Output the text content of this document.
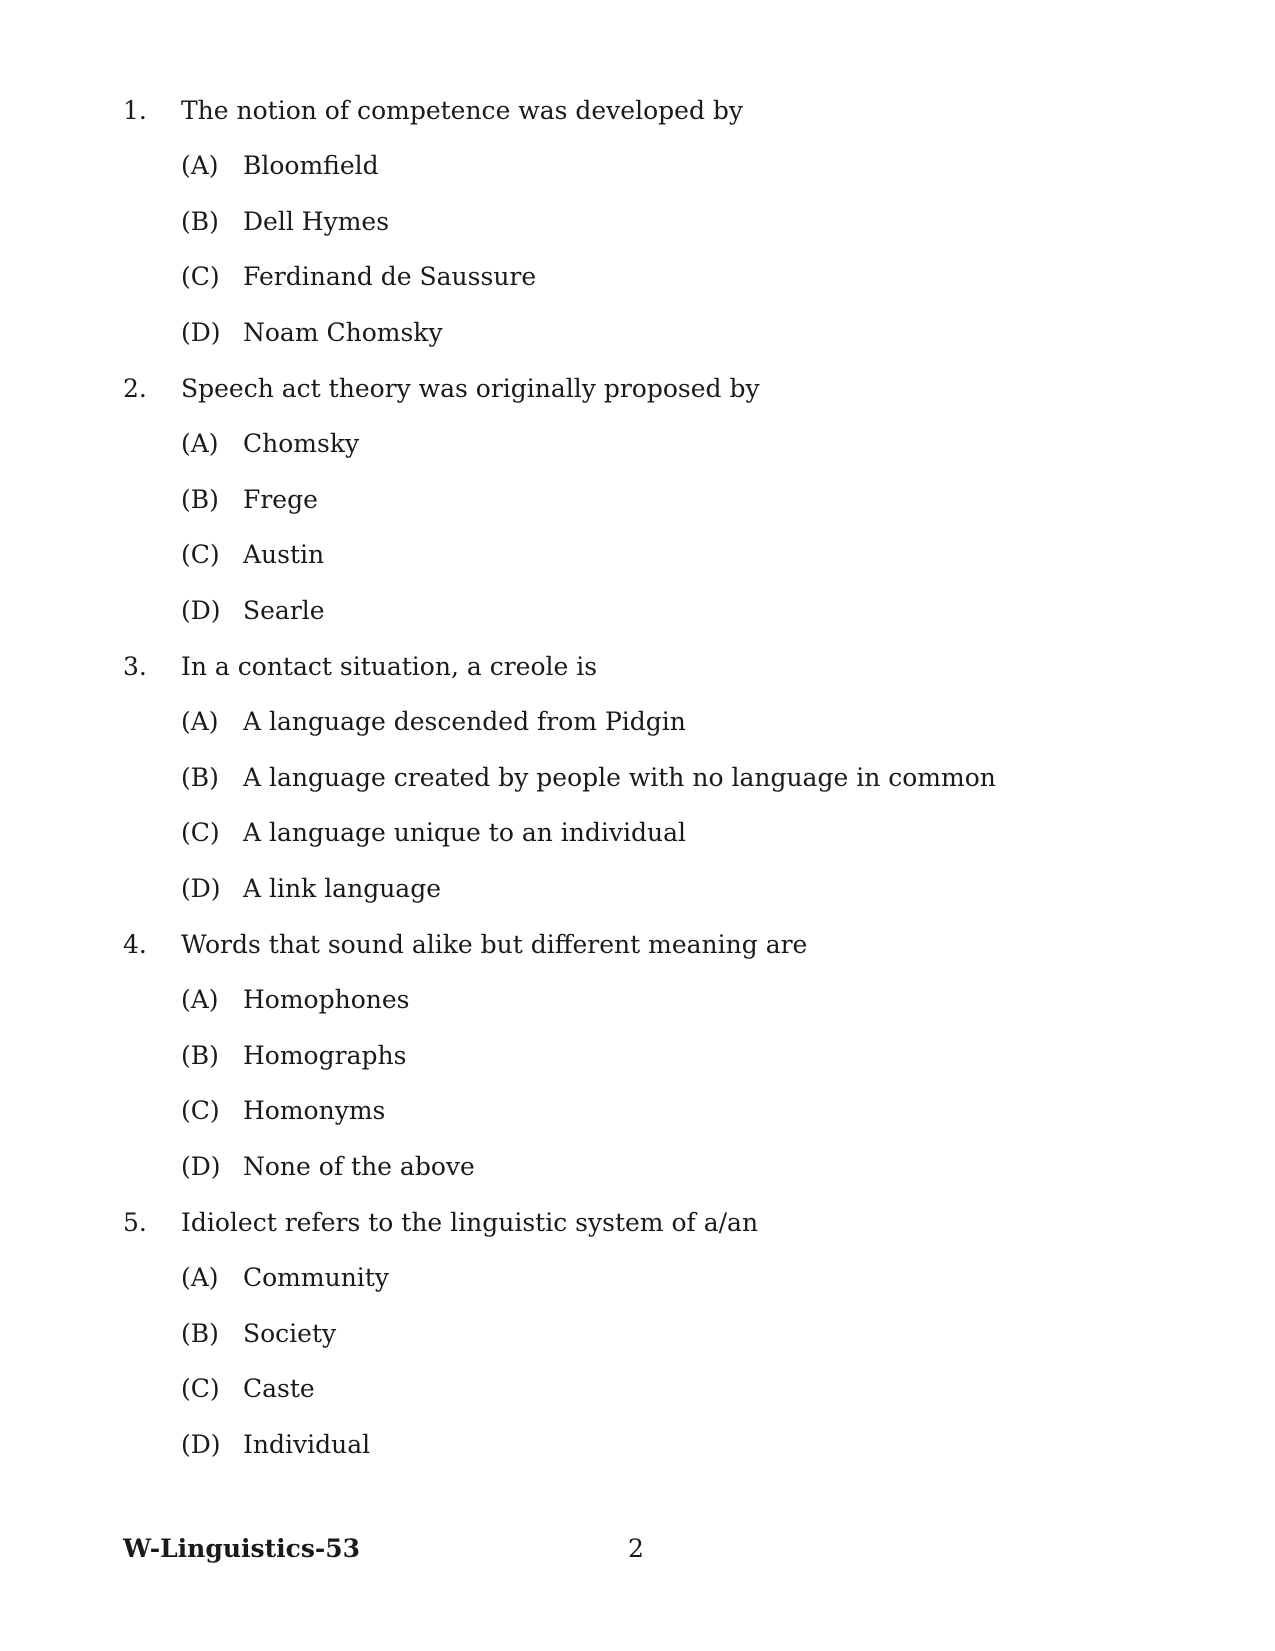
1. The notion of competence was developed by
(A) Bloomfield
(B) Dell Hymes
(C) Ferdinand de Saussure
(D) Noam Chomsky
2. Speech act theory was originally proposed by
(A) Chomsky
(B) Frege
(C) Austin
(D) Searle
3. In a contact situation, a creole is
(A) A language descended from Pidgin
(B) A language created by people with no language in common
(C) A language unique to an individual
(D) A link language
4. Words that sound alike but different meaning are
(A) Homophones
(B) Homographs
(C) Homonyms
(D) None of the above
5. Idiolect refers to the linguistic system of a/an
(A) Community
(B) Society
(C) Caste
(D) Individual
W-Linguistics-53	2
